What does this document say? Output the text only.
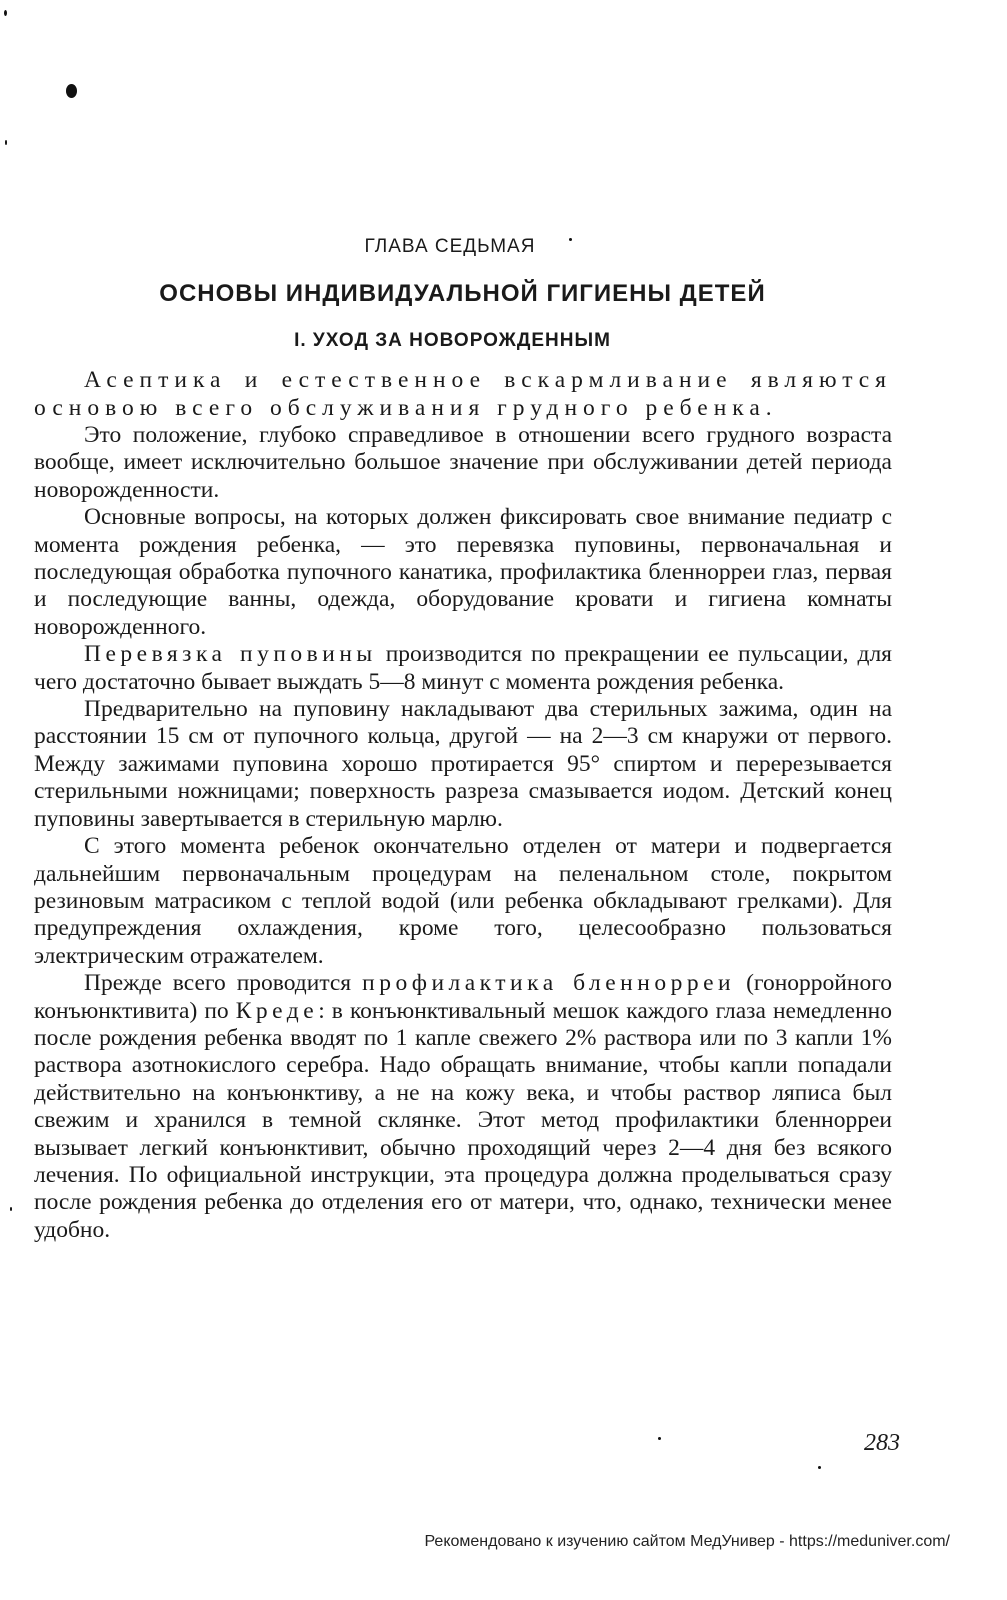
ГЛАВА СЕДЬМАЯ
ОСНОВЫ ИНДИВИДУАЛЬНОЙ ГИГИЕНЫ ДЕТЕЙ
I. УХОД ЗА НОВОРОЖДЕННЫМ

Асептика и естественное вскармливание являются основою всего обслуживания грудного ребенка.

Это положение, глубоко справедливое в отношении всего грудного возраста вообще, имеет исключительно большое значение при обслуживании детей периода новорожденности.

Основные вопросы, на которых должен фиксировать свое внимание педиатр с момента рождения ребенка, — это перевязка пуповины, первоначальная и последующая обработка пупочного канатика, профилактика бленнорреи глаз, первая и последующие ванны, одежда, оборудование кровати и гигиена комнаты новорожденного.

Перевязка пуповины производится по прекращении ее пульсации, для чего достаточно бывает выждать 5—8 минут с момента рождения ребенка.

Предварительно на пуповину накладывают два стерильных зажима, один на расстоянии 15 см от пупочного кольца, другой — на 2—3 см кнаружи от первого. Между зажимами пуповина хорошо протирается 95° спиртом и перерезывается стерильными ножницами; поверхность разреза смазывается иодом. Детский конец пуповины завертывается в стерильную марлю.

С этого момента ребенок окончательно отделен от матери и подвергается дальнейшим первоначальным процедурам на пеленальном столе, покрытом резиновым матрасиком с теплой водой (или ребенка обкладывают грелками). Для предупреждения охлаждения, кроме того, целесообразно пользоваться электрическим отражателем.

Прежде всего проводится профилактика бленнорреи (гонорройного конъюнктивита) по Креде: в конъюнктивальный мешок каждого глаза немедленно после рождения ребенка вводят по 1 капле свежего 2% раствора или по 3 капли 1% раствора азотнокислого серебра. Надо обращать внимание, чтобы капли попадали действительно на конъюнктиву, а не на кожу века, и чтобы раствор ляписа был свежим и хранился в темной склянке. Этот метод профилактики бленнорреи вызывает легкий конъюнктивит, обычно проходящий через 2—4 дня без всякого лечения. По официальной инструкции, эта процедура должна проделываться сразу после рождения ребенка до отделения его от матери, что, однако, технически менее удобно.

283
Рекомендовано к изучению сайтом МедУнивер - https://meduniver.com/
